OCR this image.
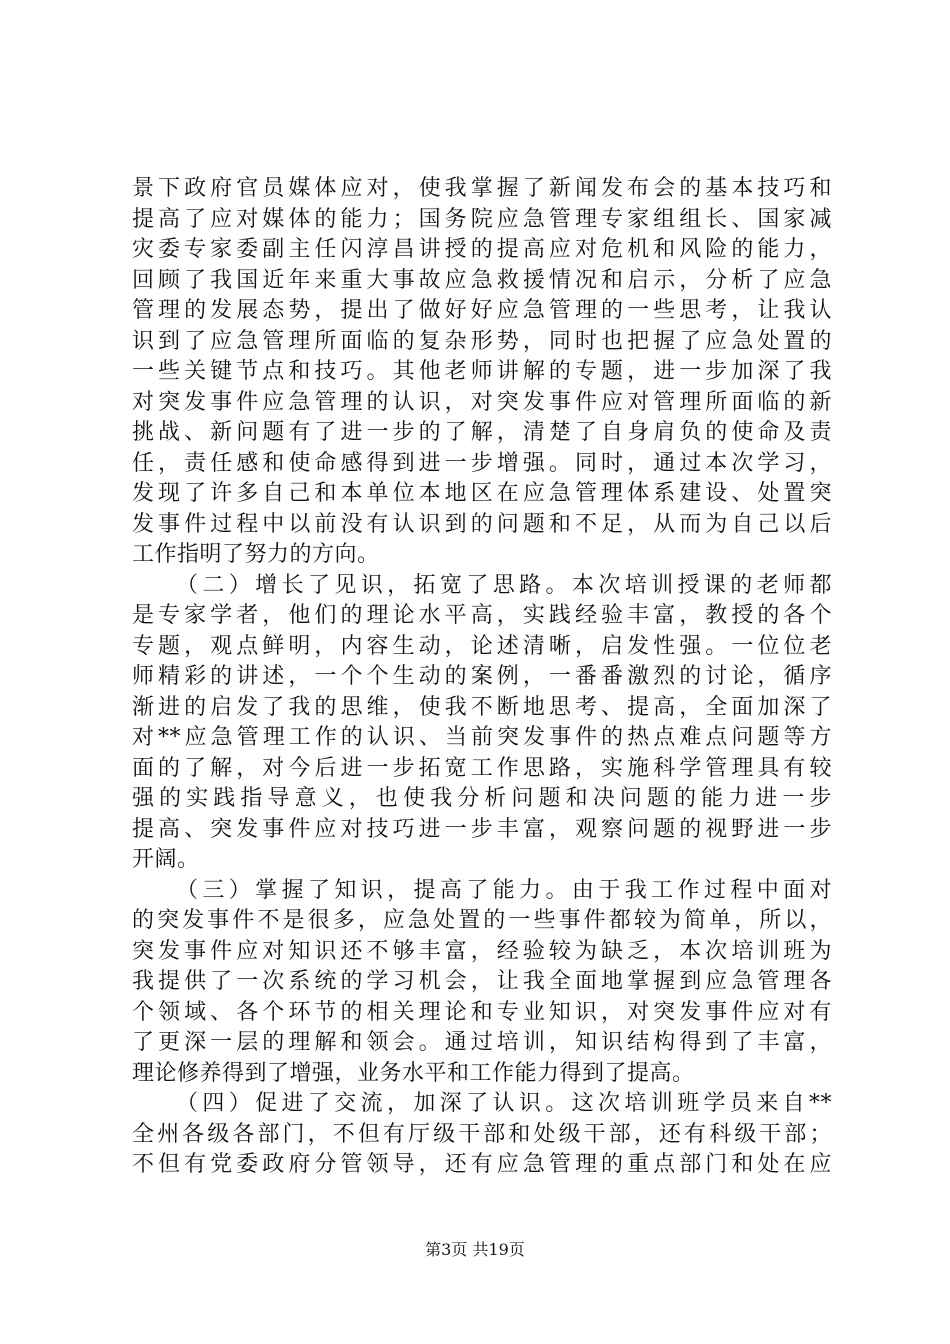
景下政府官员媒体应对，使我掌握了新闻发布会的基本技巧和
提高了应对媒体的能力；国务院应急管理专家组组长、国家减
灾委专家委副主任闪淳昌讲授的提高应对危机和风险的能力，
回顾了我国近年来重大事故应急救援情况和启示，分析了应急
管理的发展态势，提出了做好好应急管理的一些思考，让我认
识到了应急管理所面临的复杂形势，同时也把握了应急处置的
一些关键节点和技巧。其他老师讲解的专题，进一步加深了我
对突发事件应急管理的认识，对突发事件应对管理所面临的新
挑战、新问题有了进一步的了解，清楚了自身肩负的使命及责
任，责任感和使命感得到进一步增强。同时，通过本次学习，
发现了许多自己和本单位本地区在应急管理体系建设、处置突
发事件过程中以前没有认识到的问题和不足，从而为自己以后
工作指明了努力的方向。
（二）增长了见识，拓宽了思路。本次培训授课的老师都
是专家学者，他们的理论水平高，实践经验丰富，教授的各个
专题，观点鲜明，内容生动，论述清晰，启发性强。一位位老
师精彩的讲述，一个个生动的案例，一番番激烈的讨论，循序
渐进的启发了我的思维，使我不断地思考、提高，全面加深了
对**应急管理工作的认识、当前突发事件的热点难点问题等方
面的了解，对今后进一步拓宽工作思路，实施科学管理具有较
强的实践指导意义，也使我分析问题和决问题的能力进一步
提高、突发事件应对技巧进一步丰富，观察问题的视野进一步
开阔。
（三）掌握了知识，提高了能力。由于我工作过程中面对
的突发事件不是很多，应急处置的一些事件都较为简单，所以，
突发事件应对知识还不够丰富，经验较为缺乏，本次培训班为
我提供了一次系统的学习机会，让我全面地掌握到应急管理各
个领域、各个环节的相关理论和专业知识，对突发事件应对有
了更深一层的理解和领会。通过培训，知识结构得到了丰富，
理论修养得到了增强，业务水平和工作能力得到了提高。
（四）促进了交流，加深了认识。这次培训班学员来自**
全州各级各部门，不但有厅级干部和处级干部，还有科级干部；
不但有党委政府分管领导，还有应急管理的重点部门和处在应
第3页 共19页
